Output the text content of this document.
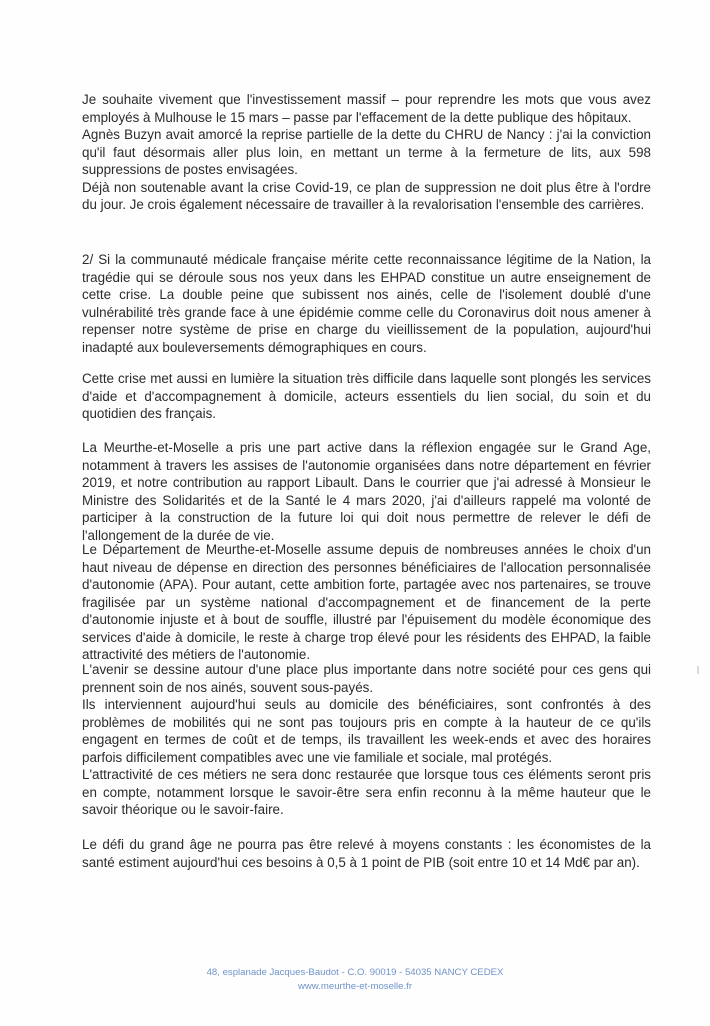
Je souhaite vivement que l'investissement massif – pour reprendre les mots que vous avez employés à Mulhouse le 15 mars – passe par l'effacement de la dette publique des hôpitaux.

Agnès Buzyn avait amorcé la reprise partielle de la dette du CHRU de Nancy : j'ai la conviction qu'il faut désormais aller plus loin, en mettant un terme à la fermeture de lits, aux 598 suppressions de postes envisagées.

Déjà non soutenable avant la crise Covid-19, ce plan de suppression ne doit plus être à l'ordre du jour. Je crois également nécessaire de travailler à la revalorisation l'ensemble des carrières.

2/ Si la communauté médicale française mérite cette reconnaissance légitime de la Nation, la tragédie qui se déroule sous nos yeux dans les EHPAD constitue un autre enseignement de cette crise. La double peine que subissent nos ainés, celle de l'isolement doublé d'une vulnérabilité très grande face à une épidémie comme celle du Coronavirus doit nous amener à repenser notre système de prise en charge du vieillissement de la population, aujourd'hui inadapté aux bouleversements démographiques en cours.

Cette crise met aussi en lumière la situation très difficile dans laquelle sont plongés les services d'aide et d'accompagnement à domicile, acteurs essentiels du lien social, du soin et du quotidien des français.

La Meurthe-et-Moselle a pris une part active dans la réflexion engagée sur le Grand Age, notamment à travers les assises de l'autonomie organisées dans notre département en février 2019, et notre contribution au rapport Libault. Dans le courrier que j'ai adressé à Monsieur le Ministre des Solidarités et de la Santé le 4 mars 2020, j'ai d'ailleurs rappelé ma volonté de participer à la construction de la future loi qui doit nous permettre de relever le défi de l'allongement de la durée de vie.

Le Département de Meurthe-et-Moselle assume depuis de nombreuses années le choix d'un haut niveau de dépense en direction des personnes bénéficiaires de l'allocation personnalisée d'autonomie (APA). Pour autant, cette ambition forte, partagée avec nos partenaires, se trouve fragilisée par un système national d'accompagnement et de financement de la perte d'autonomie injuste et à bout de souffle, illustré par l'épuisement du modèle économique des services d'aide à domicile, le reste à charge trop élevé pour les résidents des EHPAD, la faible attractivité des métiers de l'autonomie.

L'avenir se dessine autour d'une place plus importante dans notre société pour ces gens qui prennent soin de nos ainés, souvent sous-payés.

Ils interviennent aujourd'hui seuls au domicile des bénéficiaires, sont confrontés à des problèmes de mobilités qui ne sont pas toujours pris en compte à la hauteur de ce qu'ils engagent en termes de coût et de temps, ils travaillent les week-ends et avec des horaires parfois difficilement compatibles avec une vie familiale et sociale, mal protégés.

L'attractivité de ces métiers ne sera donc restaurée que lorsque tous ces éléments seront pris en compte, notamment lorsque le savoir-être sera enfin reconnu à la même hauteur que le savoir théorique ou le savoir-faire.

Le défi du grand âge ne pourra pas être relevé à moyens constants : les économistes de la santé estiment aujourd'hui ces besoins à 0,5 à 1 point de PIB (soit entre 10 et 14 Md€ par an).

48, esplanade Jacques-Baudot - C.O. 90019 - 54035 NANCY CEDEX
www.meurthe-et-moselle.fr
